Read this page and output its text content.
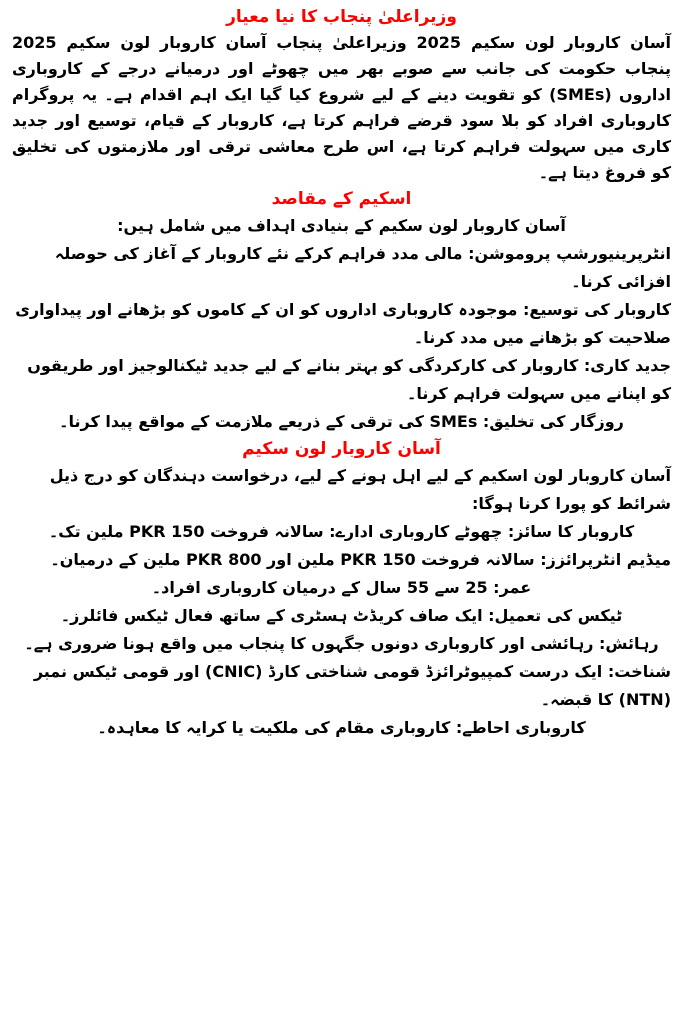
وزیراعلیٰ پنجاب کا نیا معیار

آسان کاروبار لون سکیم 2025 وزیراعلیٰ پنجاب آسان کاروبار لون سکیم 2025 پنجاب حکومت کی جانب سے صوبے بھر میں چھوٹے اور درمیانے درجے کے کاروباری اداروں (SMEs) کو تقویت دینے کے لیے شروع کیا گیا ایک اہم اقدام ہے۔ یہ پروگرام کاروباری افراد کو بلا سود قرضے فراہم کرتا ہے، کاروبار کے قیام، توسیع اور جدید کاری میں سہولت فراہم کرتا ہے، اس طرح معاشی ترقی اور ملازمتوں کی تخلیق کو فروغ دیتا ہے۔

اسکیم کے مقاصد

آسان کاروبار لون سکیم کے بنیادی اہداف میں شامل ہیں:

انٹرپرینیورشپ پروموشن: مالی مدد فراہم کرکے نئے کاروبار کے آغاز کی حوصلہ افزائی کرنا۔

کاروبار کی توسیع: موجودہ کاروباری اداروں کو ان کے کاموں کو بڑھانے اور پیداواری صلاحیت کو بڑھانے میں مدد کرنا۔

جدید کاری: کاروبار کی کارکردگی کو بہتر بنانے کے لیے جدید ٹیکنالوجیز اور طریقوں کو اپنانے میں سہولت فراہم کرنا۔

روزگار کی تخلیق: SMEs کی ترقی کے ذریعے ملازمت کے مواقع پیدا کرنا۔

آسان کاروبار لون سکیم

آسان کاروبار لون اسکیم کے لیے اہل ہونے کے لیے، درخواست دہندگان کو درج ذیل شرائط کو پورا کرنا ہوگا:

کاروبار کا سائز: چھوٹے کاروباری ادارے: سالانہ فروخت PKR 150 ملین تک۔

میڈیم انٹرپرائزز: سالانہ فروخت PKR 150 ملین اور PKR 800 ملین کے درمیان۔

عمر: 25 سے 55 سال کے درمیان کاروباری افراد۔

ٹیکس کی تعمیل: ایک صاف کریڈٹ ہسٹری کے ساتھ فعال ٹیکس فائلرز۔

رہائش: رہائشی اور کاروباری دونوں جگہوں کا پنجاب میں واقع ہونا ضروری ہے۔

شناخت: ایک درست کمپیوٹرائزڈ قومی شناختی کارڈ (CNIC) اور قومی ٹیکس نمبر (NTN) کا قبضہ۔

کاروباری احاطے: کاروباری مقام کی ملکیت یا کرایہ کا معاہدہ۔
